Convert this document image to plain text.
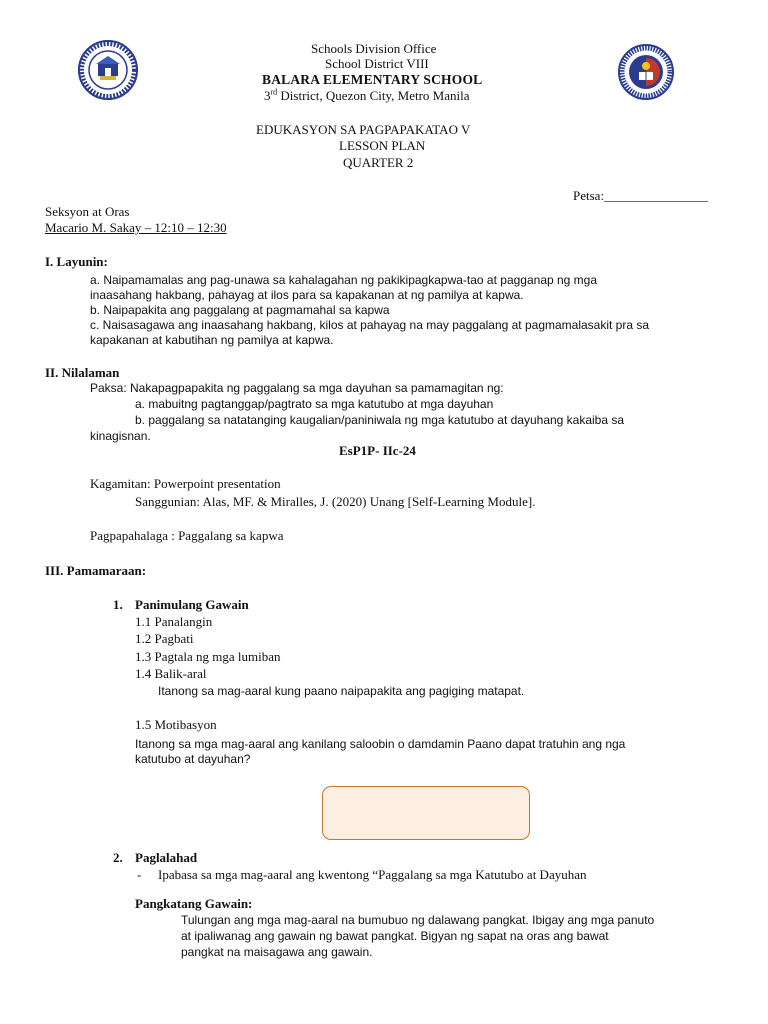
Schools Division Office
School District VIII
BALARA ELEMENTARY SCHOOL
3rd District, Quezon City, Metro Manila
EDUKASYON SA PAGPAPAKATAO V
LESSON PLAN
QUARTER 2
Petsa:________________
Seksyon at Oras
Macario M. Sakay – 12:10 – 12:30
I. Layunin:
a. Naipamamalas ang pag-unawa sa kahalagahan ng pakikipagkapwa-tao at pagganap ng mga
inaasahang hakbang, pahayag at ilos para sa kapakanan at ng pamilya at kapwa.
b. Naipapakita ang paggalang at pagmamahal sa kapwa
c. Naisasagawa ang inaasahang hakbang, kilos at pahayag na may paggalang at pagmamalasakit pra sa
kapakanan at kabutihan ng pamilya at kapwa.
II. Nilalaman
Paksa: Nakapagpapakita ng paggalang sa mga dayuhan sa pamamagitan ng:
a. mabuitng pagtanggap/pagtrato sa mga katutubo at mga dayuhan
b. paggalang sa natatanging kaugalian/paniniwala ng mga katutubo at dayuhang kakaiba sa
kinagisnan.
EsP1P- IIc-24
Kagamitan: Powerpoint presentation
Sanggunian: Alas, MF. & Miralles, J. (2020) Unang [Self-Learning Module].
Pagpapahalaga : Paggalang sa kapwa
III. Pamamaraan:
1. Panimulang Gawain
1.1 Panalangin
1.2 Pagbati
1.3 Pagtala ng mga lumiban
1.4 Balik-aral
Itanong sa mag-aaral kung paano naipapakita ang pagiging matapat.
1.5 Motibasyon
Itanong sa mga mag-aaral ang kanilang saloobin o damdamin Paano dapat tratuhin ang nga
katutubo at dayuhan?
2. Paglalahad
- Ipabasa sa mga mag-aaral ang kwentong “Paggalang sa mga Katutubo at Dayuhan
Pangkatang Gawain:
Tulungan ang mga mag-aaral na bumubuo ng dalawang pangkat. Ibigay ang mga panuto
at ipaliwanag ang gawain ng bawat pangkat. Bigyan ng sapat na oras ang bawat
pangkat na maisagawa ang gawain.
